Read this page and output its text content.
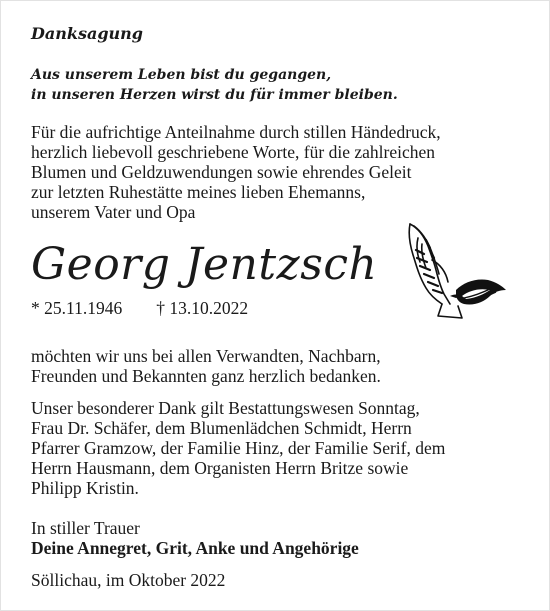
Danksagung
Aus unserem Leben bist du gegangen,
in unseren Herzen wirst du für immer bleiben.
Für die aufrichtige Anteilnahme durch stillen Händedruck,
herzlich liebevoll geschriebene Worte, für die zahlreichen
Blumen und Geldzuwendungen sowie ehrendes Geleit
zur letzten Ruhestätte meines lieben Ehemanns,
unserem Vater und Opa
Georg Jentzsch
* 25.11.1946 † 13.10.2022
möchten wir uns bei allen Verwandten, Nachbarn,
Freunden und Bekannten ganz herzlich bedanken.
Unser besonderer Dank gilt Bestattungswesen Sonntag,
Frau Dr. Schäfer, dem Blumenlädchen Schmidt, Herrn
Pfarrer Gramzow, der Familie Hinz, der Familie Serif, dem
Herrn Hausmann, dem Organisten Herrn Britze sowie
Philipp Kristin.
In stiller Trauer
Deine Annegret, Grit, Anke und Angehörige
Söllichau, im Oktober 2022
